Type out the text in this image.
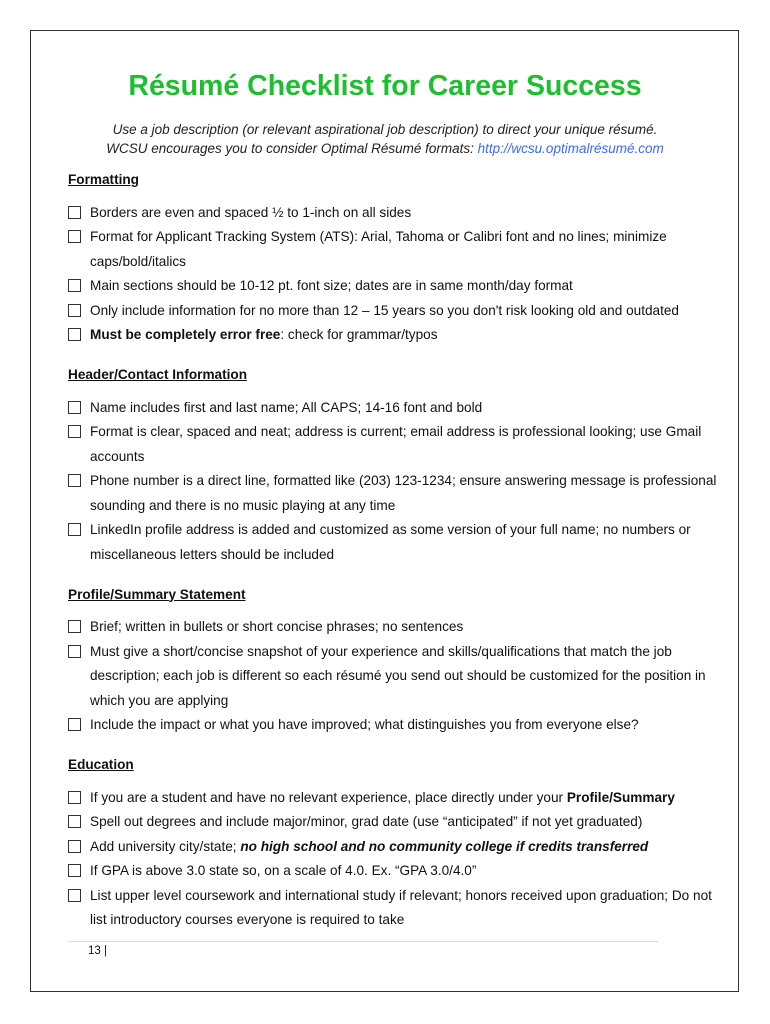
Résumé Checklist for Career Success
Use a job description (or relevant aspirational job description) to direct your unique résumé.
WCSU encourages you to consider Optimal Résumé formats: http://wcsu.optimalrésumé.com
Formatting
Borders are even and spaced ½ to 1-inch on all sides
Format for Applicant Tracking System (ATS): Arial, Tahoma or Calibri font and no lines; minimize caps/bold/italics
Main sections should be 10-12 pt. font size; dates are in same month/day format
Only include information for no more than 12 – 15 years so you don't risk looking old and outdated
Must be completely error free: check for grammar/typos
Header/Contact Information
Name includes first and last name; All CAPS; 14-16 font and bold
Format is clear, spaced and neat; address is current; email address is professional looking; use Gmail accounts
Phone number is a direct line, formatted like (203) 123-1234; ensure answering message is professional sounding and there is no music playing at any time
LinkedIn profile address is added and customized as some version of your full name; no numbers or miscellaneous letters should be included
Profile/Summary Statement
Brief; written in bullets or short concise phrases; no sentences
Must give a short/concise snapshot of your experience and skills/qualifications that match the job description; each job is different so each résumé you send out should be customized for the position in which you are applying
Include the impact or what you have improved; what distinguishes you from everyone else?
Education
If you are a student and have no relevant experience, place directly under your Profile/Summary
Spell out degrees and include major/minor, grad date (use “anticipated” if not yet graduated)
Add university city/state; no high school and no community college if credits transferred
If GPA is above 3.0 state so, on a scale of 4.0. Ex. “GPA 3.0/4.0”
List upper level coursework and international study if relevant; honors received upon graduation; Do not list introductory courses everyone is required to take
13 |
